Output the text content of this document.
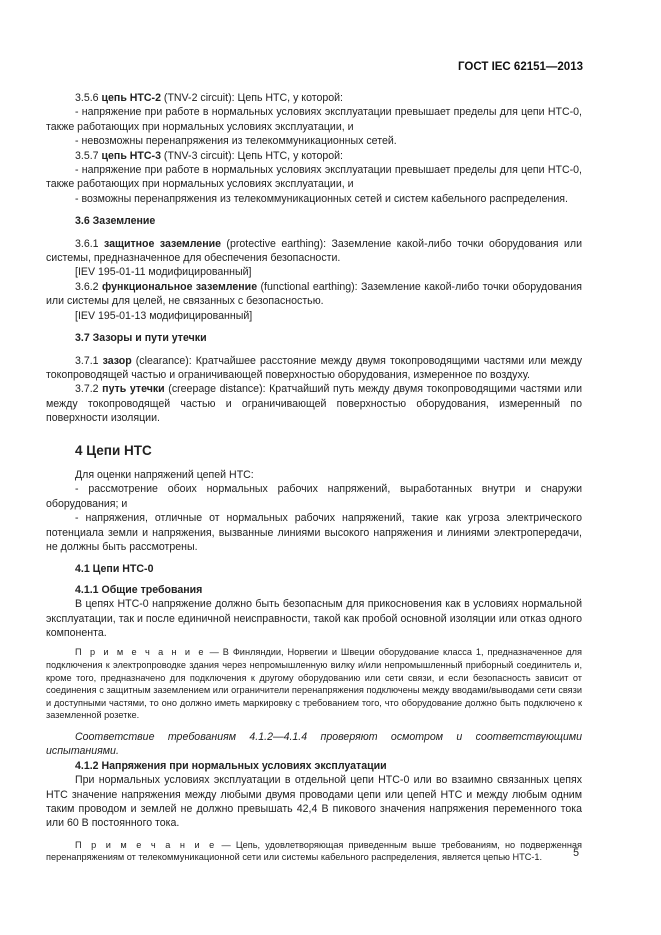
ГОСТ IEC 62151—2013

3.5.6 цепь НТС-2 (TNV-2 circuit): Цепь НТС, у которой:

- напряжение при работе в нормальных условиях эксплуатации превышает пределы для цепи НТС-0, также работающих при нормальных условиях эксплуатации, и

- невозможны перенапряжения из телекоммуникационных сетей.

3.5.7 цепь НТС-3 (TNV-3 circuit): Цепь НТС, у которой:

- напряжение при работе в нормальных условиях эксплуатации превышает пределы для цепи НТС-0, также работающих при нормальных условиях эксплуатации, и

- возможны перенапряжения из телекоммуникационных сетей и систем кабельного распределения.

3.6 Заземление

3.6.1 защитное заземление (protective earthing): Заземление какой-либо точки оборудования или системы, предназначенное для обеспечения безопасности.

[IEV 195-01-11 модифицированный]

3.6.2 функциональное заземление (functional earthing): Заземление какой-либо точки оборудования или системы для целей, не связанных с безопасностью.

[IEV 195-01-13 модифицированный]

3.7 Зазоры и пути утечки

3.7.1 зазор (clearance): Кратчайшее расстояние между двумя токопроводящими частями или между токопроводящей частью и ограничивающей поверхностью оборудования, измеренное по воздуху.

3.7.2 путь утечки (creepage distance): Кратчайший путь между двумя токопроводящими частями или между токопроводящей частью и ограничивающей поверхностью оборудования, измеренный по поверхности изоляции.

4 Цепи НТС

Для оценки напряжений цепей НТС:

- рассмотрение обоих нормальных рабочих напряжений, выработанных внутри и снаружи оборудования; и

- напряжения, отличные от нормальных рабочих напряжений, такие как угроза электрического потенциала земли и напряжения, вызванные линиями высокого напряжения и линиями электропередачи, не должны быть рассмотрены.

4.1 Цепи НТС-0

4.1.1 Общие требования

В цепях НТС-0 напряжение должно быть безопасным для прикосновения как в условиях нормальной эксплуатации, так и после единичной неисправности, такой как пробой основной изоляции или отказ одного компонента.

П р и м е ч а н и е — В Финляндии, Норвегии и Швеции оборудование класса 1, предназначенное для подключения к электропроводке здания через непромышленную вилку и/или непромышленный приборный соединитель и, кроме того, предназначено для подключения к другому оборудованию или сети связи, и если безопасность зависит от соединения с защитным заземлением или ограничители перенапряжения подключены между вводами/выводами сети связи и доступными частями, то оно должно иметь маркировку с требованием того, что оборудование должно быть подключено к заземленной розетке.

Соответствие требованиям 4.1.2—4.1.4 проверяют осмотром и соответствующими испытаниями.

4.1.2 Напряжения при нормальных условиях эксплуатации

При нормальных условиях эксплуатации в отдельной цепи НТС-0 или во взаимно связанных цепях НТС значение напряжения между любыми двумя проводами цепи или цепей НТС и между любым одним таким проводом и землей не должно превышать 42,4 В пикового значения напряжения переменного тока или 60 В постоянного тока.

П р и м е ч а н и е — Цепь, удовлетворяющая приведенным выше требованиям, но подверженная перенапряжениям от телекоммуникационной сети или системы кабельного распределения, является цепью НТС-1.	5
